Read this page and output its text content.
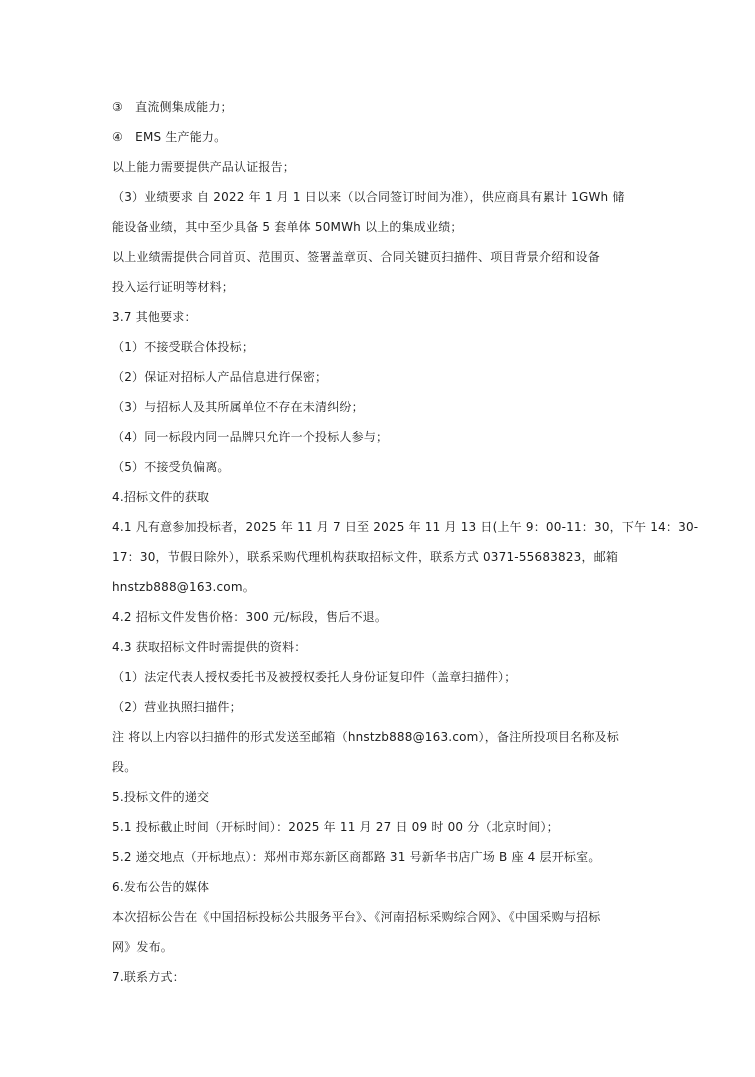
③　直流侧集成能力；
④　EMS 生产能力。
以上能力需要提供产品认证报告；
（3）业绩要求 自 2022 年 1 月 1 日以来（以合同签订时间为准），供应商具有累计 1GWh 储
能设备业绩，其中至少具备 5 套单体 50MWh 以上的集成业绩；
以上业绩需提供合同首页、范围页、签署盖章页、合同关键页扫描件、项目背景介绍和设备
投入运行证明等材料；
3.7 其他要求：
（1）不接受联合体投标；
（2）保证对招标人产品信息进行保密；
（3）与招标人及其所属单位不存在未清纠纷；
（4）同一标段内同一品牌只允许一个投标人参与；
（5）不接受负偏离。
4.招标文件的获取
4.1 凡有意参加投标者，2025 年 11 月 7 日至 2025 年 11 月 13 日(上午 9：00-11：30，下午 14：30-
17：30，节假日除外），联系采购代理机构获取招标文件，联系方式 0371-55683823，邮箱
hnstzb888@163.com。
4.2 招标文件发售价格：300 元/标段，售后不退。
4.3 获取招标文件时需提供的资料：
（1）法定代表人授权委托书及被授权委托人身份证复印件（盖章扫描件）；
（2）营业执照扫描件；
注 将以上内容以扫描件的形式发送至邮箱（hnstzb888@163.com），备注所投项目名称及标
段。
5.投标文件的递交
5.1 投标截止时间（开标时间）：2025 年 11 月 27 日 09 时 00 分（北京时间）；
5.2 递交地点（开标地点）：郑州市郑东新区商都路 31 号新华书店广场 B 座 4 层开标室。
6.发布公告的媒体
本次招标公告在《中国招标投标公共服务平台》、《河南招标采购综合网》、《中国采购与招标
网》发布。
7.联系方式：
